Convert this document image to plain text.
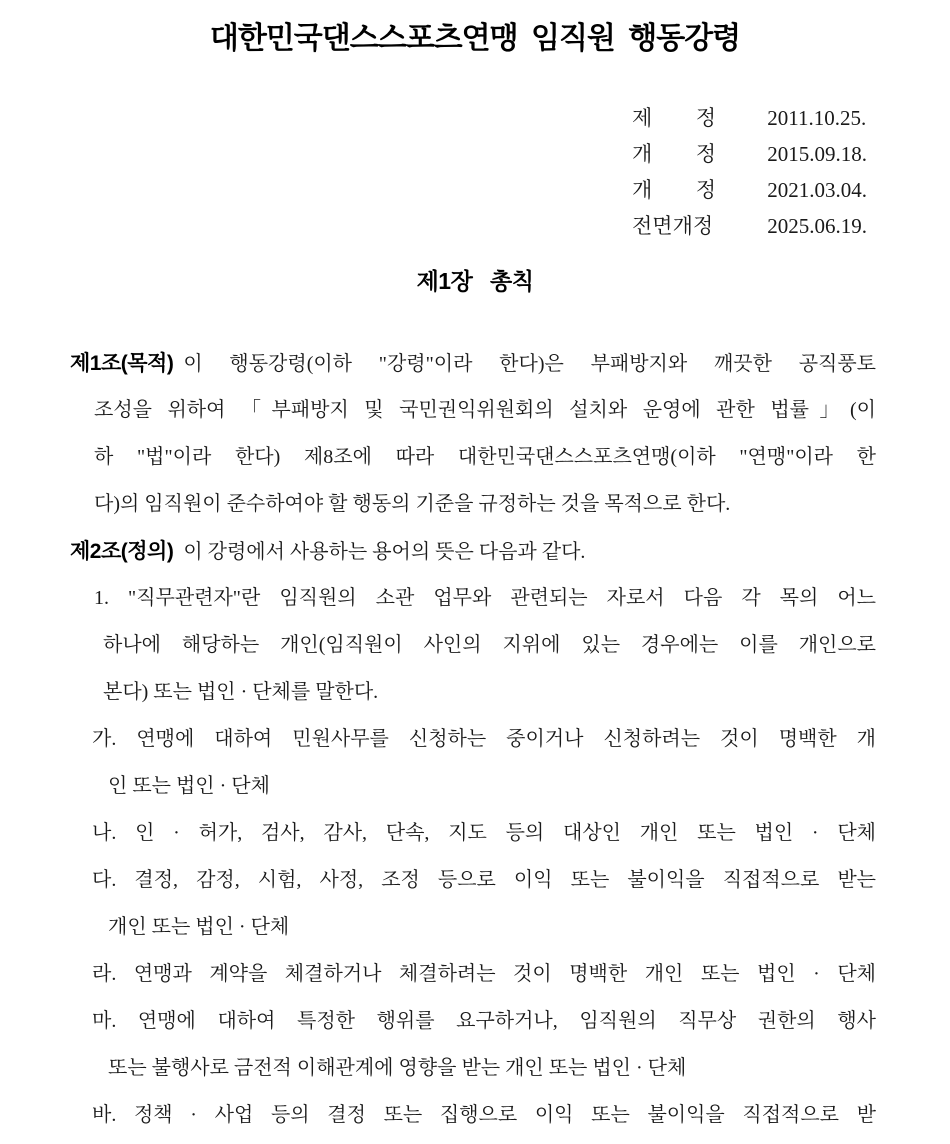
대한민국댄스스포츠연맹 임직원 행동강령
제 정 2011.10.25.
개 정 2015.09.18.
개 정 2021.03.04.
전면개정	2025.06.19.
제1장   총칙
제1조(목적) 이 행동강령(이하 "강령"이라 한다)은 부패방지와 깨끗한 공직풍토
조성을 위하여 「부패방지 및 국민권익위원회의 설치와 운영에 관한 법률」(이
하 "법"이라 한다) 제8조에 따라 대한민국댄스스포츠연맹(이하 "연맹"이라 한
다)의 임직원이 준수하여야 할 행동의 기준을 규정하는 것을 목적으로 한다.
제2조(정의) 이 강령에서 사용하는 용어의 뜻은 다음과 같다.
1. "직무관련자"란 임직원의 소관 업무와 관련되는 자로서 다음 각 목의 어느
하나에 해당하는 개인(임직원이 사인의 지위에 있는 경우에는 이를 개인으로
본다) 또는 법인 · 단체를 말한다.
가. 연맹에 대하여 민원사무를 신청하는 중이거나 신청하려는 것이 명백한 개
인 또는 법인 · 단체
나. 인 · 허가, 검사, 감사, 단속, 지도 등의 대상인 개인 또는 법인 · 단체
다. 결정, 감정, 시험, 사정, 조정 등으로 이익 또는 불이익을 직접적으로 받는
개인 또는 법인 · 단체
라. 연맹과 계약을 체결하거나 체결하려는 것이 명백한 개인 또는 법인 · 단체
마. 연맹에 대하여 특정한 행위를 요구하거나, 임직원의 직무상 권한의 행사
또는 불행사로 금전적 이해관계에 영향을 받는 개인 또는 법인 · 단체
바. 정책 · 사업 등의 결정 또는 집행으로 이익 또는 불이익을 직접적으로 받
